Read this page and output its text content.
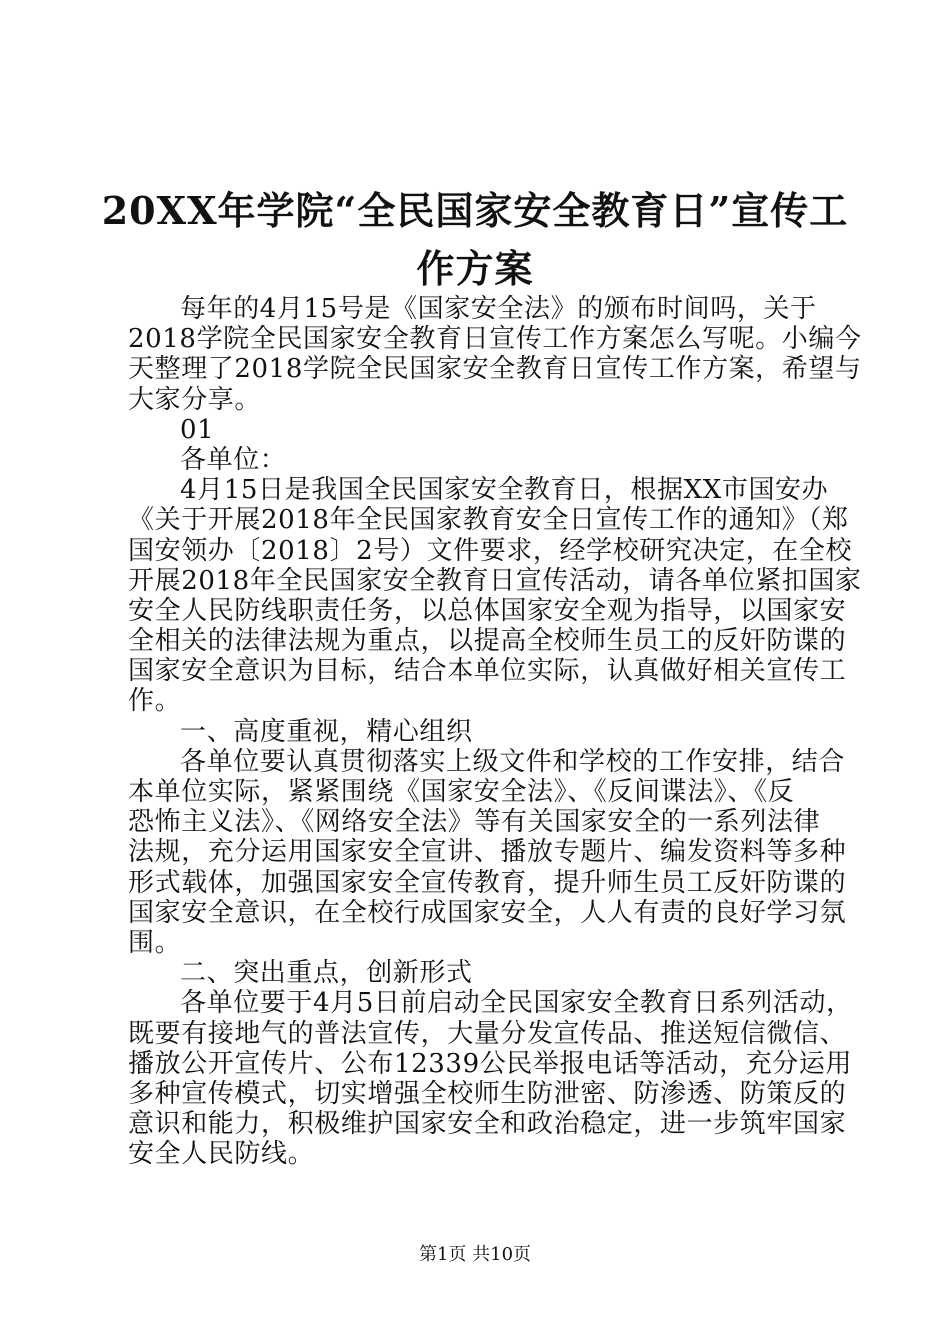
20XX年学院“全民国家安全教育日”宣传工
作方案
每年的4月15号是《国家安全法》的颁布时间吗，关于
2018学院全民国家安全教育日宣传工作方案怎么写呢。小编今
天整理了2018学院全民国家安全教育日宣传工作方案，希望与
大家分享。
01
各单位：
4月15日是我国全民国家安全教育日，根据XX市国安办
《关于开展2018年全民国家教育安全日宣传工作的通知》（郑
国安领办〔2018〕2号）文件要求，经学校研究决定，在全校
开展2018年全民国家安全教育日宣传活动，请各单位紧扣国家
安全人民防线职责任务，以总体国家安全观为指导，以国家安
全相关的法律法规为重点，以提高全校师生员工的反奸防谍的
国家安全意识为目标，结合本单位实际，认真做好相关宣传工
作。
一、高度重视，精心组织
各单位要认真贯彻落实上级文件和学校的工作安排，结合
本单位实际，紧紧围绕《国家安全法》、《反间谍法》、《反
恐怖主义法》、《网络安全法》等有关国家安全的一系列法律
法规，充分运用国家安全宣讲、播放专题片、编发资料等多种
形式载体，加强国家安全宣传教育，提升师生员工反奸防谍的
国家安全意识，在全校行成国家安全，人人有责的良好学习氛
围。
二、突出重点，创新形式
各单位要于4月5日前启动全民国家安全教育日系列活动，
既要有接地气的普法宣传，大量分发宣传品、推送短信微信、
播放公开宣传片、公布12339公民举报电话等活动，充分运用
多种宣传模式，切实增强全校师生防泄密、防渗透、防策反的
意识和能力，积极维护国家安全和政治稳定，进一步筑牢国家
安全人民防线。
第1页 共10页
